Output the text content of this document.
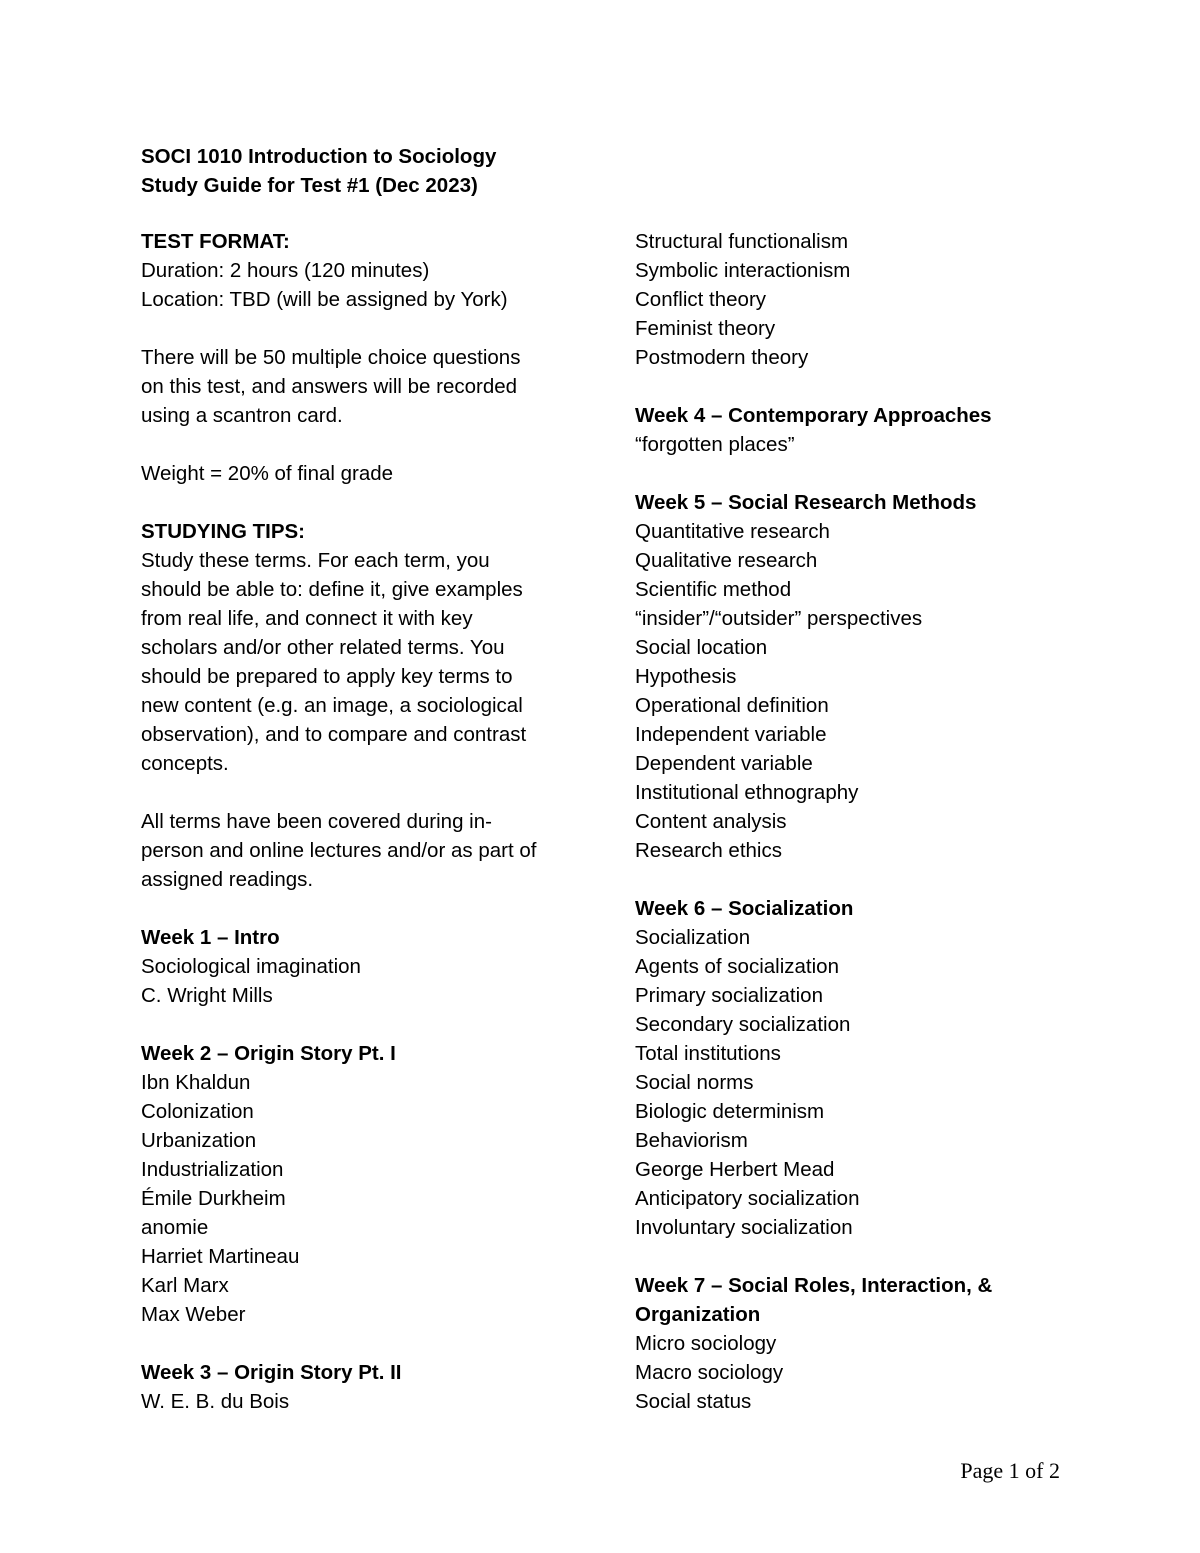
SOCI 1010 Introduction to Sociology
Study Guide for Test #1 (Dec 2023)
TEST FORMAT:
Duration: 2 hours (120 minutes)
Location: TBD (will be assigned by York)
There will be 50 multiple choice questions
on this test, and answers will be recorded
using a scantron card.
Weight = 20% of final grade
STUDYING TIPS:
Study these terms. For each term, you
should be able to: define it, give examples
from real life, and connect it with key
scholars and/or other related terms. You
should be prepared to apply key terms to
new content (e.g. an image, a sociological
observation), and to compare and contrast
concepts.
All terms have been covered during in-
person and online lectures and/or as part of
assigned readings.
Week 1 – Intro
Sociological imagination
C. Wright Mills
Week 2 – Origin Story Pt. I
Ibn Khaldun
Colonization
Urbanization
Industrialization
Émile Durkheim
anomie
Harriet Martineau
Karl Marx
Max Weber
Week 3 – Origin Story Pt. II
W. E. B. du Bois
Structural functionalism
Symbolic interactionism
Conflict theory
Feminist theory
Postmodern theory
Week 4 – Contemporary Approaches
“forgotten places”
Week 5 – Social Research Methods
Quantitative research
Qualitative research
Scientific method
“insider”/“outsider” perspectives
Social location
Hypothesis
Operational definition
Independent variable
Dependent variable
Institutional ethnography
Content analysis
Research ethics
Week 6 – Socialization
Socialization
Agents of socialization
Primary socialization
Secondary socialization
Total institutions
Social norms
Biologic determinism
Behaviorism
George Herbert Mead
Anticipatory socialization
Involuntary socialization
Week 7 – Social Roles, Interaction, &
Organization
Micro sociology
Macro sociology
Social status
Page 1 of 2
